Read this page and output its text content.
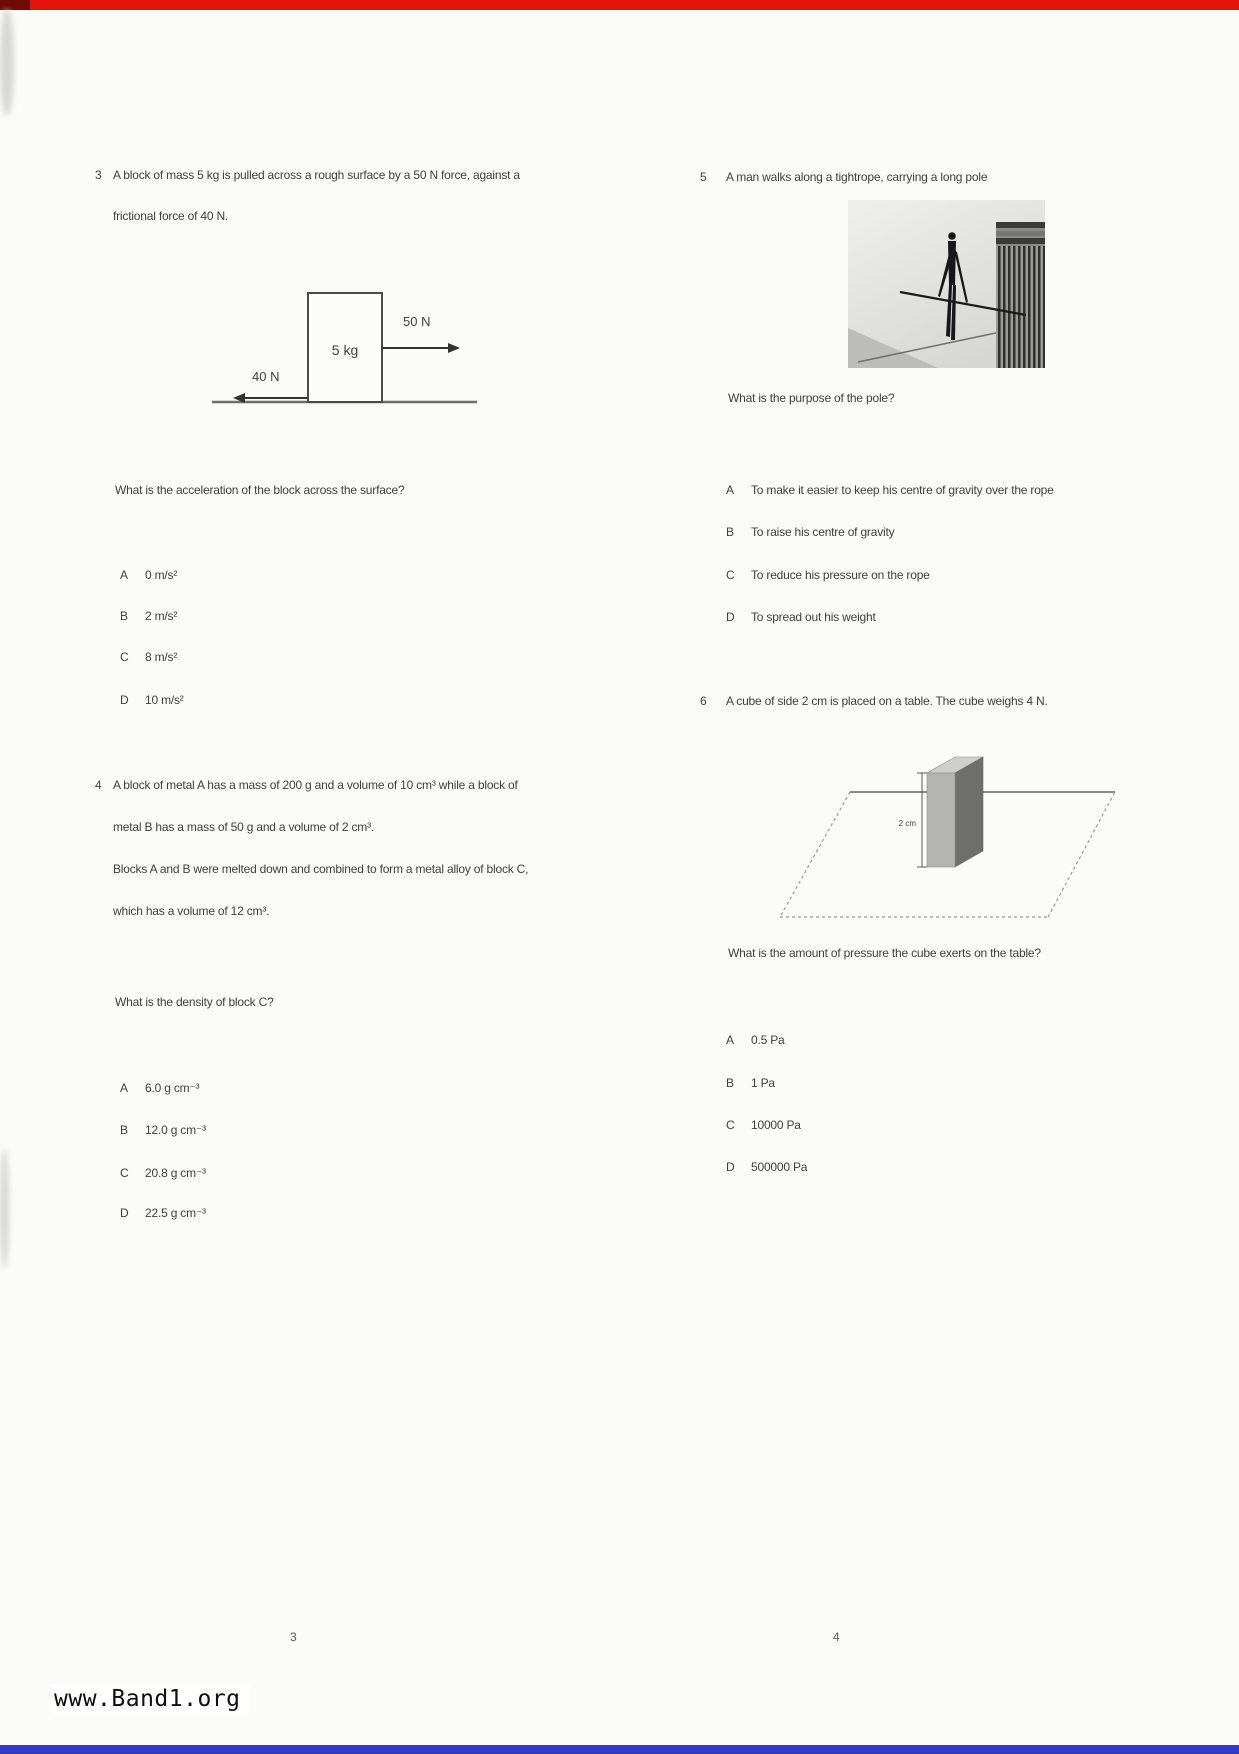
3 A block of mass 5 kg is pulled across a rough surface by a 50 N force, against a
frictional force of 40 N.
5 kg
50 N
40 N
What is the acceleration of the block across the surface?
A	0 m/s²
B	2 m/s²
C	8 m/s²
D	10 m/s²
4 A block of metal A has a mass of 200 g and a volume of 10 cm³ while a block of
metal B has a mass of 50 g and a volume of 2 cm³.
Blocks A and B were melted down and combined to form a metal alloy of block C,
which has a volume of 12 cm³.
What is the density of block C?
A	6.0 g cm⁻³
B	12.0 g cm⁻³
C	20.8 g cm⁻³
D	22.5 g cm⁻³
5 A man walks along a tightrope, carrying a long pole
What is the purpose of the pole?
A	To make it easier to keep his centre of gravity over the rope
B	To raise his centre of gravity
C	To reduce his pressure on the rope
D	To spread out his weight
6 A cube of side 2 cm is placed on a table. The cube weighs 4 N.
2 cm
What is the amount of pressure the cube exerts on the table?
A	0.5 Pa
B	1 Pa
C	10000 Pa
D	500000 Pa
3	4
www.Band1.org
